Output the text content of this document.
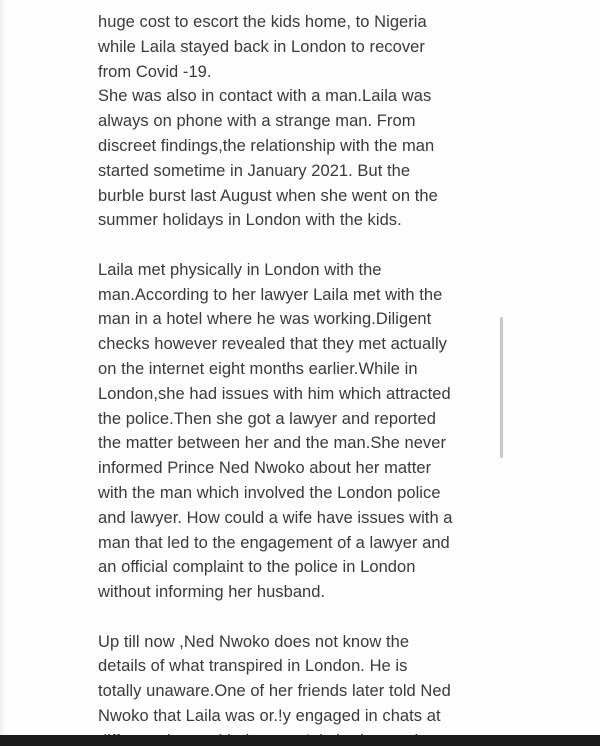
huge cost to escort the kids home, to Nigeria
while Laila stayed back in London to recover
from Covid -19.
She was also in contact with a man.Laila was
always on phone with a strange man. From
discreet findings,the relationship with the man
started sometime in January 2021. But the
burble burst last August when she went on the
summer holidays in London with the kids.
Laila met physically in London with the
man.According to her lawyer Laila met with the
man in a hotel where he was working.Diligent
checks however revealed that they met actually
on the internet eight months earlier.While in
London,she had issues with him which attracted
the police.Then she got a lawyer and reported
the matter between her and the man.She never
informed Prince Ned Nwoko about her matter
with the man which involved the London police
and lawyer. How could a wife have issues with a
man that led to the engagement of a lawyer and
an official complaint to the police in London
without informing her husband.
Up till now ,Ned Nwoko does not know the
details of what transpired in London. He is
totally unaware.One of her friends later told Ned
Nwoko that Laila was or.!y engaged in chats at
